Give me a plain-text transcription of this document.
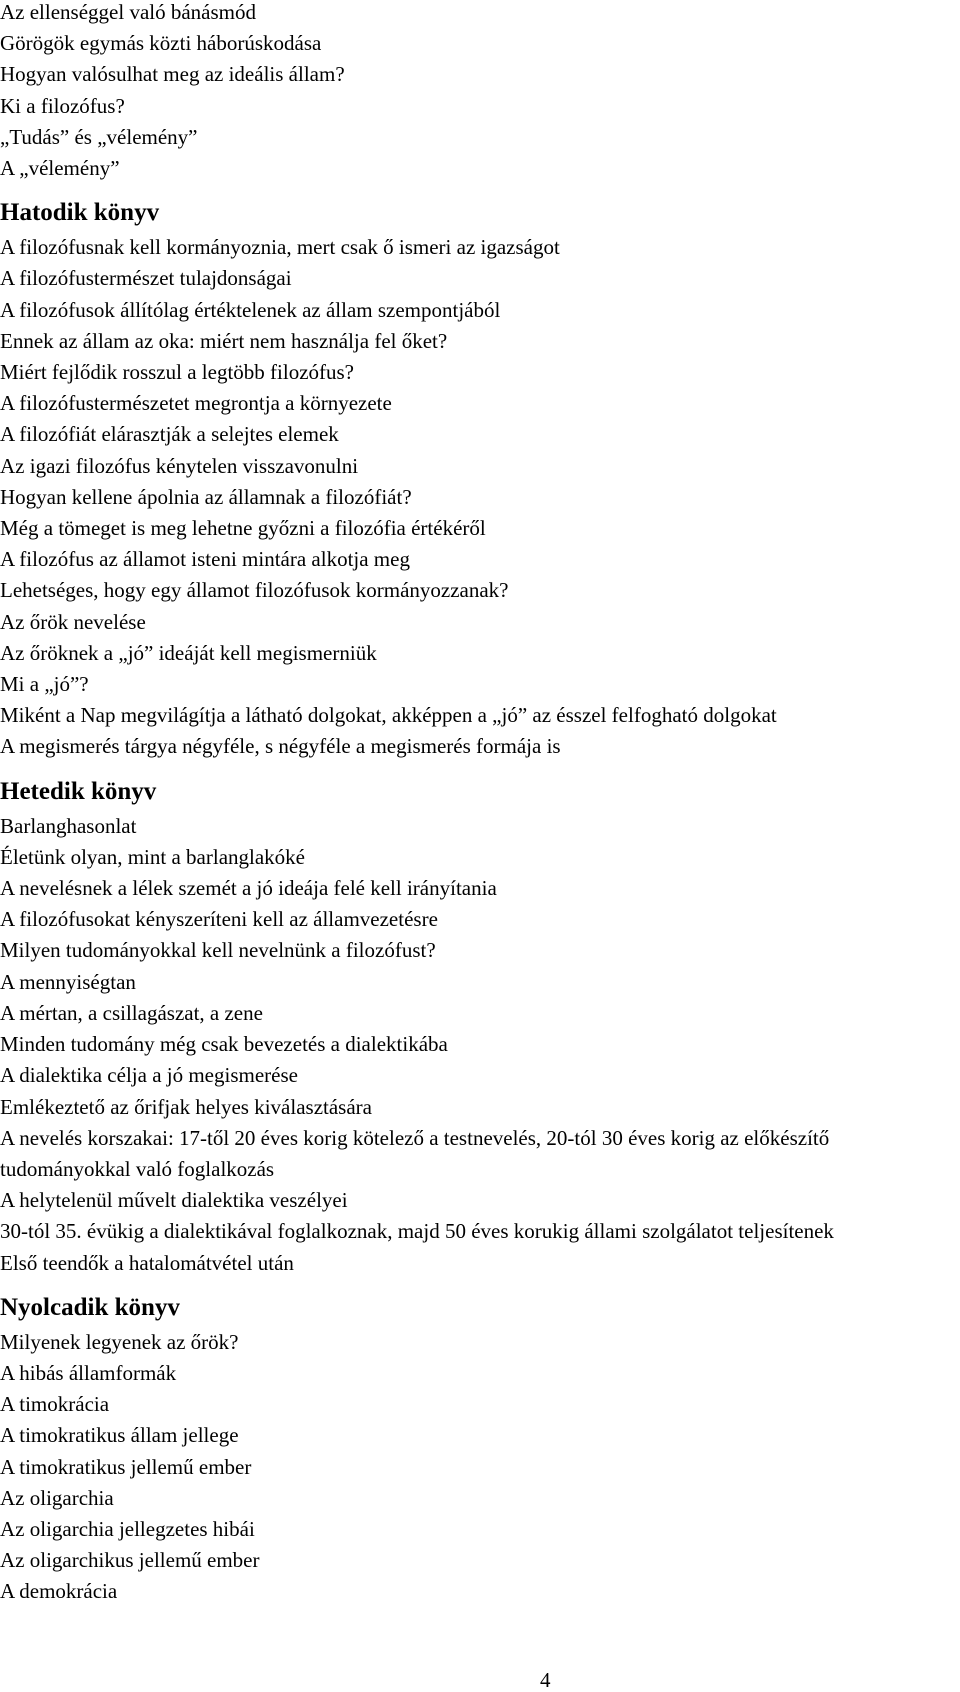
Az ellenséggel való bánásmód

Görögök egymás közti háborúskodása

Hogyan valósulhat meg az ideális állam?

Ki a filozófus?

„Tudás” és „vélemény”

A „vélemény”

Hatodik könyv

A filozófusnak kell kormányoznia, mert csak ő ismeri az igazságot

A filozófustermészet tulajdonságai

A filozófusok állítólag értéktelenek az állam szempontjából

Ennek az állam az oka: miért nem használja fel őket?

Miért fejlődik rosszul a legtöbb filozófus?

A filozófustermészetet megrontja a környezete

A filozófiát elárasztják a selejtes elemek

Az igazi filozófus kénytelen visszavonulni

Hogyan kellene ápolnia az államnak a filozófiát?

Még a tömeget is meg lehetne győzni a filozófia értékéről

A filozófus az államot isteni mintára alkotja meg

Lehetséges, hogy egy államot filozófusok kormányozzanak?

Az őrök nevelése

Az őröknek a „jó” ideáját kell megismerniük

Mi a „jó”?

Miként a Nap megvilágítja a látható dolgokat, akképpen a „jó” az ésszel felfogható dolgokat

A megismerés tárgya négyféle, s négyféle a megismerés formája is

Hetedik könyv

Barlanghasonlat

Életünk olyan, mint a barlanglakóké

A nevelésnek a lélek szemét a jó ideája felé kell irányítania

A filozófusokat kényszeríteni kell az államvezetésre

Milyen tudományokkal kell nevelnünk a filozófust?

A mennyiségtan

A mértan, a csillagászat, a zene

Minden tudomány még csak bevezetés a dialektikába

A dialektika célja a jó megismerése

Emlékeztető az őrifjak helyes kiválasztására

A nevelés korszakai: 17-től 20 éves korig kötelező a testnevelés, 20-tól 30 éves korig az előkészítő tudományokkal való foglalkozás

A helytelenül művelt dialektika veszélyei

30-tól 35. évükig a dialektikával foglalkoznak, majd 50 éves korukig állami szolgálatot teljesítenek

Első teendők a hatalomátvétel után

Nyolcadik könyv

Milyenek legyenek az őrök?

A hibás államformák

A timokrácia

A timokratikus állam jellege

A timokratikus jellemű ember

Az oligarchia

Az oligarchia jellegzetes hibái

Az oligarchikus jellemű ember

A demokrácia

4
